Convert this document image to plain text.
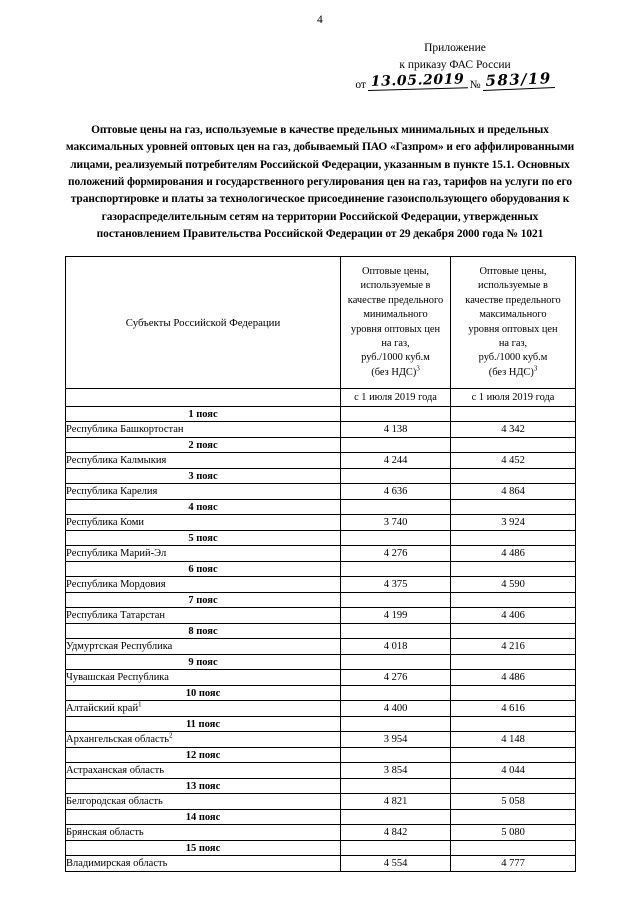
4
Приложение
к приказу ФАС России
от 13.05.2019 № 583/19
Оптовые цены на газ, используемые в качестве предельных минимальных и предельных максимальных уровней оптовых цен на газ, добываемый ПАО «Газпром» и его аффилированными лицами, реализуемый потребителям Российской Федерации, указанным в пункте 15.1. Основных положений формирования и государственного регулирования цен на газ, тарифов на услуги по его транспортировке и платы за технологическое присоединение газоиспользующего оборудования к газораспределительным сетям на территории Российской Федерации, утвержденных постановлением Правительства Российской Федерации от 29 декабря 2000 года № 1021
Субъекты Российской Федерации	
Оптовые цены,
используемые в
качестве предельного
минимального
уровня оптовых цен
на газ,
руб./1000 куб.м
(без НДС)$^3$

Оптовые цены,
используемые в
качестве предельного
максимального
уровня оптовых цен
на газ,
руб./1000 куб.м
(без НДС)$^3$

	с 1 июля 2019 года	с 1 июля 2019 года
1 пояс		
Республика Башкортостан	4 138	4 342
2 пояс		
Республика Калмыкия	4 244	4 452
3 пояс		
Республика Карелия	4 636	4 864
4 пояс		
Республика Коми	3 740	3 924
5 пояс		
Республика Марий-Эл	4 276	4 486
6 пояс		
Республика Мордовия	4 375	4 590
7 пояс		
Республика Татарстан	4 199	4 406
8 пояс		
Удмуртская Республика	4 018	4 216
9 пояс		
Чувашская Республика	4 276	4 486
10 пояс		
Алтайский край$^1$	4 400	4 616
11 пояс		
Архангельская область$^2$	3 954	4 148
12 пояс		
Астраханская область	3 854	4 044
13 пояс		
Белгородская область	4 821	5 058
14 пояс		
Брянская область	4 842	5 080
15 пояс		
Владимирская область	4 554	4 777
